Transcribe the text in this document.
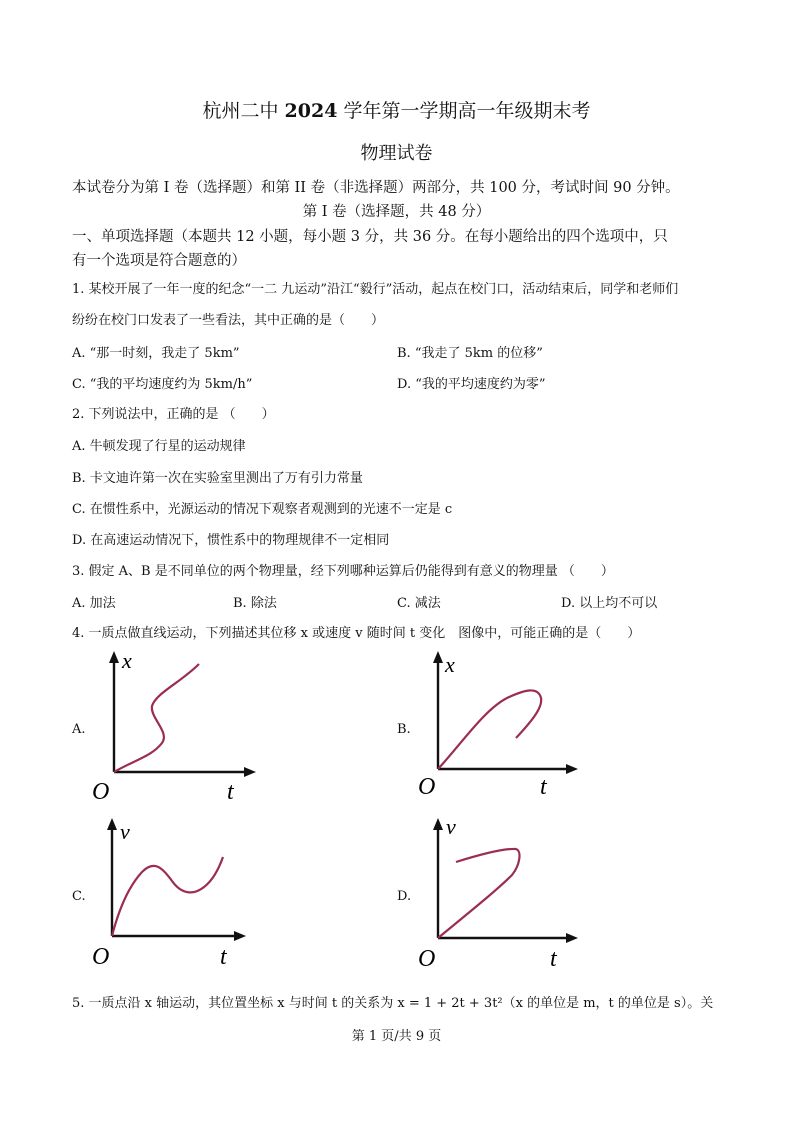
杭州二中 2024 学年第一学期高一年级期末考
物理试卷
本试卷分为第 I 卷（选择题）和第 II 卷（非选择题）两部分，共 100 分，考试时间 90 分钟。
第 I 卷（选择题，共 48 分）
一、单项选择题（本题共 12 小题，每小题 3 分，共 36 分。在每小题给出的四个选项中，只
有一个选项是符合题意的）
1. 某校开展了一年一度的纪念“一二 九运动”沿江“毅行”活动，起点在校门口，活动结束后，同学和老师们
纷纷在校门口发表了一些看法，其中正确的是（　　）
A. “那一时刻，我走了 5km”	B. “我走了 5km 的位移”
C. “我的平均速度约为 5km/h”	D. “我的平均速度约为零”
2. 下列说法中，正确的是 （　　）
A. 牛顿发现了行星的运动规律
B. 卡文迪许第一次在实验室里测出了万有引力常量
C. 在惯性系中，光源运动的情况下观察者观测到的光速不一定是 c
D. 在高速运动情况下，惯性系中的物理规律不一定相同
3. 假定 A、B 是不同单位的两个物理量，经下列哪种运算后仍能得到有意义的物理量 （　　）
A. 加法	B. 除法	C. 减法	D. 以上均不可以
4. 一质点做直线运动，下列描述其位移 x 或速度 v 随时间 t 变化　图像中，可能正确的是（　　）
A.
x
O	t
B.
x
O	t
C.
v
O	t
D.
v
O	t
5. 一质点沿 x 轴运动，其位置坐标 x 与时间 t 的关系为 x = 1 + 2t + 3t²（x 的单位是 m，t 的单位是 s）。关
第 1 页/共 9 页
